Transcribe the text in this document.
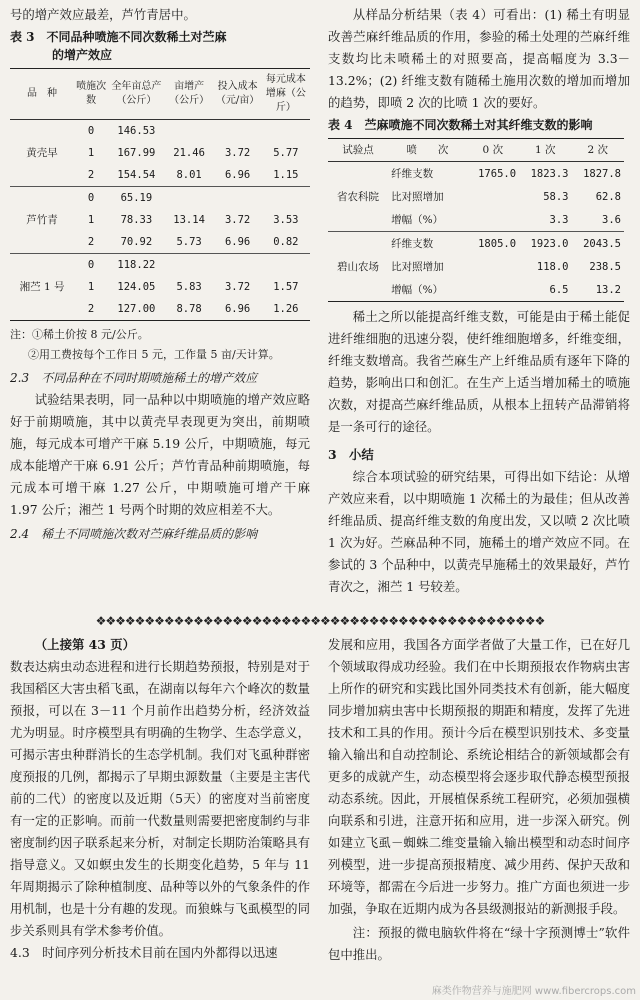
号的增产效应最差，芦竹青居中。

表 3　不同品种喷施不同次数稀土对苎麻

的增产效应

品　种	喷施次数	全年亩总产（公斤）	亩增产（公斤）	投入成本（元/亩）	每元成本增麻（公斤）
黄壳早	0	146.53			
	1	167.99	21.46	3.72	5.77
	2	154.54	8.01	6.96	1.15
芦竹青	0	65.19			
	1	78.33	13.14	3.72	3.53
	2	70.92	5.73	6.96	0.82
湘苎 1 号	0	118.22			
	1	124.05	5.83	3.72	1.57
	2	127.00	8.78	6.96	1.26

注：①稀土价按 8 元/公斤。

②用工费按每个工作日 5 元，工作量 5 亩/天计算。

2.3　不同品种在不同时期喷施稀土的增产效应

试验结果表明，同一品种以中期喷施的增产效应略好于前期喷施，其中以黄壳早表现更为突出，前期喷施，每元成本可增产干麻 5.19 公斤，中期喷施，每元成本能增产干麻 6.91 公斤；芦竹青品种前期喷施，每元成本可增干麻 1.27 公斤，中期喷施可增产干麻 1.97 公斤；湘苎 1 号两个时期的效应相差不大。

2.4　稀土不同喷施次数对苎麻纤维品质的影响

从样品分析结果（表 4）可看出：(1) 稀土有明显改善苎麻纤维品质的作用，参验的稀土处理的苎麻纤维支数均比未喷稀土的对照要高，提高幅度为 3.3－13.2%；(2) 纤维支数有随稀土施用次数的增加而增加的趋势，即喷 2 次的比喷 1 次的要好。

表 4　苎麻喷施不同次数稀土对其纤维支数的影响

试验点	喷　　次	0 次	1 次	2 次
省农科院	纤维支数	1765.0	1823.3	1827.8
	比对照增加		58.3	62.8
	增幅（%）		3.3	3.6
碧山农场	纤维支数	1805.0	1923.0	2043.5
	比对照增加		118.0	238.5
	增幅（%）		6.5	13.2

稀土之所以能提高纤维支数，可能是由于稀土能促进纤维细胞的迅速分裂，使纤维细胞增多，纤维变细，纤维支数增高。我省苎麻生产上纤维品质有逐年下降的趋势，影响出口和创汇。在生产上适当增加稀土的喷施次数，对提高苎麻纤维品质，从根本上扭转产品滞销将是一条可行的途径。

3　小结

综合本项试验的研究结果，可得出如下结论：从增产效应来看，以中期喷施 1 次稀土的为最佳；但从改善纤维品质、提高纤维支数的角度出发，又以喷 2 次比喷 1 次为好。苎麻品种不同，施稀土的增产效应不同。在参试的 3 个品种中，以黄壳早施稀土的效果最好，芦竹青次之，湘苎 1 号较差。

❖❖❖❖❖❖❖❖❖❖❖❖❖❖❖❖❖❖❖❖❖❖❖❖❖❖❖❖❖❖❖❖❖❖❖❖❖❖❖❖❖❖❖❖❖❖

（上接第 43 页）

数表达病虫动态进程和进行长期趋势预报，特别是对于我国稻区大害虫稻飞虱，在湖南以每年六个峰次的数量预报，可以在 3－11 个月前作出趋势分析，经济效益尤为明显。时序模型具有明确的生物学、生态学意义，可揭示害虫种群消长的生态学机制。我们对飞虱种群密度预报的几例，都揭示了早期虫源数量（主要是主害代前的二代）的密度以及近期（5天）的密度对当前密度有一定的正影响。而前一代数量则需要把密度制约与非密度制约因子联系起来分析，对制定长期防治策略具有指导意义。又如螟虫发生的长期变化趋势，5 年与 11 年周期揭示了除种植制度、品种等以外的气象条件的作用机制，也是十分有趣的发现。而狼蛛与飞虱模型的同步关系则具有学术参考价值。

4.3　时间序列分析技术目前在国内外都得以迅速

发展和应用，我国各方面学者做了大量工作，已在好几个领域取得成功经验。我们在中长期预报农作物病虫害上所作的研究和实践比国外同类技术有创新，能大幅度同步增加病虫害中长期预报的期距和精度，发挥了先进技术和工具的作用。预计今后在模型识别技术、多变量输入输出和自动控制论、系统论相结合的新领域都会有更多的成就产生，动态模型将会逐步取代静态模型预报动态系统。因此，开展植保系统工程研究，必须加强横向联系和引进，注意开拓和应用，进一步深入研究。例如建立飞虱－蜘蛛二维变量输入输出模型和动态时间序列模型，进一步提高预报精度、减少用药、保护天敌和环境等，都需在今后进一步努力。推广方面也须进一步加强，争取在近期内成为各县级测报站的新测报手段。

注：预报的微电脑软件将在“绿十字预测博士”软件包中推出。

麻类作物营养与施肥网 www.fibercrops.com
